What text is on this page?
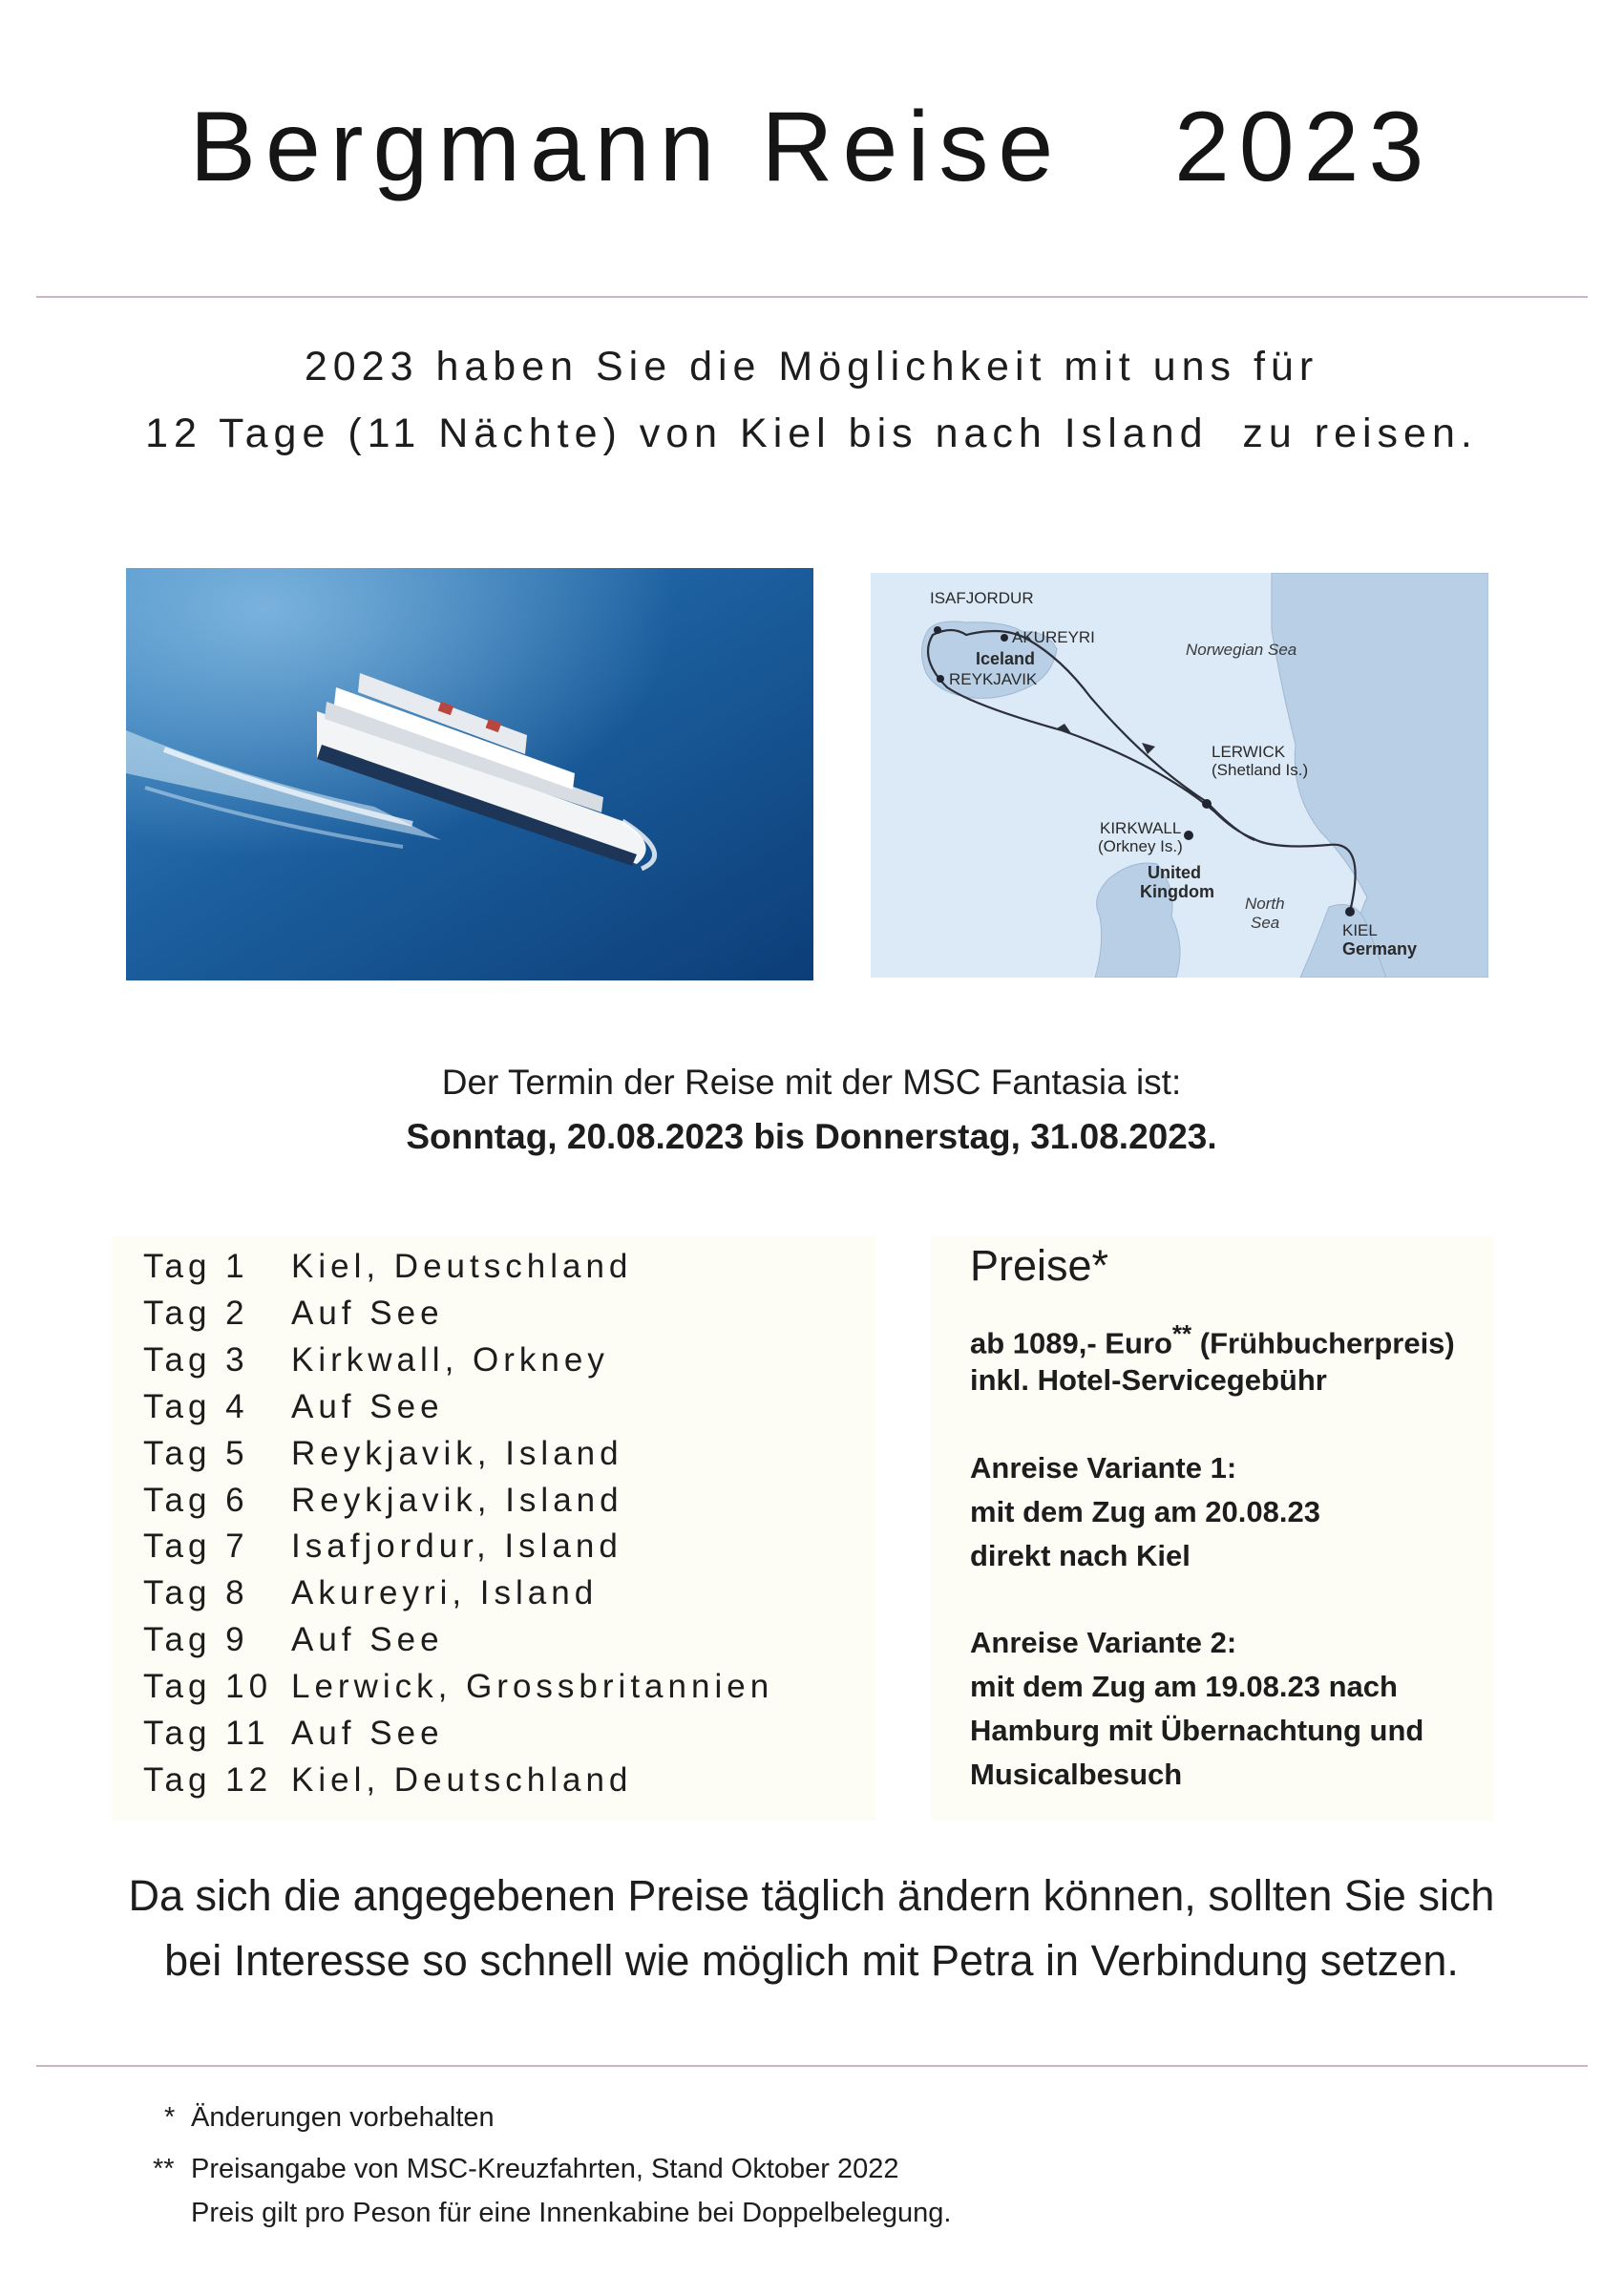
Bergmann Reise   2023
2023 haben Sie die Möglichkeit mit uns für
12 Tage (11 Nächte) von Kiel bis nach Island  zu reisen.
ISAFJORDUR
AKUREYRI
Iceland
REYKJAVIK
Norwegian Sea
LERWICK
(Shetland Is.)
KIRKWALL
(Orkney Is.)
United
Kingdom
North
Sea	KIEL
Germany
Der Termin der Reise mit der MSC Fantasia ist:
Sonntag, 20.08.2023 bis Donnerstag, 31.08.2023.
Tag 1 Kiel, Deutschland
Tag 2 Auf See
Tag 3 Kirkwall, Orkney
Tag 4 Auf See
Tag 5 Reykjavik, Island
Tag 6 Reykjavik, Island
Tag 7 Isafjordur, Island
Tag 8 Akureyri, Island
Tag 9 Auf See
Tag 10 Lerwick, Grossbritannien
Tag 11 Auf See
Tag 12 Kiel, Deutschland
Preise*
ab 1089,- Euro** (Frühbucherpreis)
inkl. Hotel-Servicegebühr
Anreise Variante 1:
mit dem Zug am 20.08.23
direkt nach Kiel
Anreise Variante 2:
mit dem Zug am 19.08.23 nach
Hamburg mit Übernachtung und
Musicalbesuch
Da sich die angegebenen Preise täglich ändern können, sollten Sie sich
bei Interesse so schnell wie möglich mit Petra in Verbindung setzen.
* Änderungen vorbehalten
** Preisangabe von MSC-Kreuzfahrten, Stand Oktober 2022
Preis gilt pro Peson für eine Innenkabine bei Doppelbelegung.
